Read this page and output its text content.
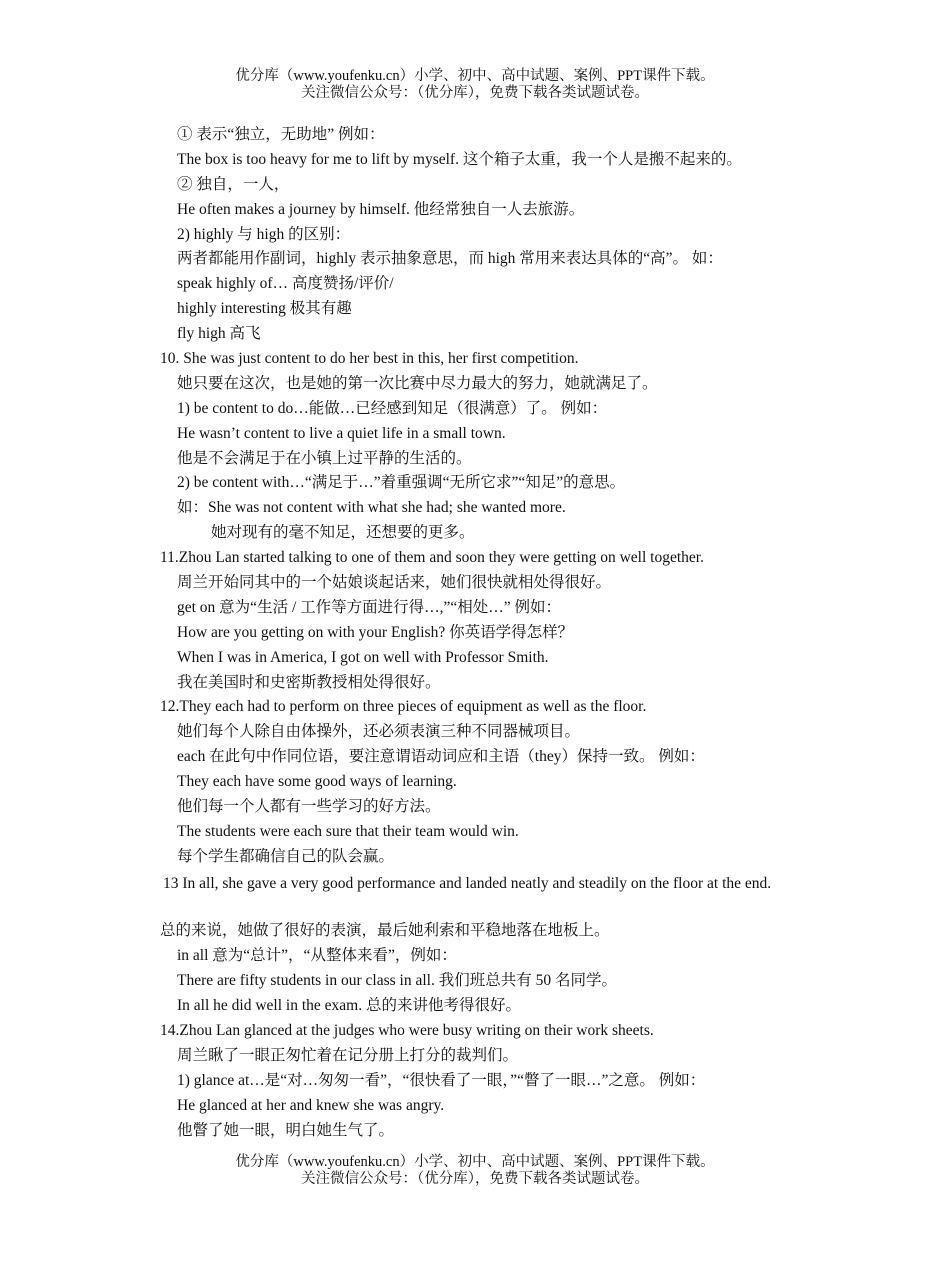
优分库（www.youfenku.cn）小学、初中、高中试题、案例、PPT课件下载。
关注微信公众号：（优分库），免费下载各类试题试卷。
① 表示“独立，无助地” 例如：
The box is too heavy for me to lift by myself. 这个箱子太重，我一个人是搬不起来的。
② 独自，一人，
He often makes a journey by himself. 他经常独自一人去旅游。
2) highly 与 high 的区别：
两者都能用作副词，highly 表示抽象意思，而 high 常用来表达具体的“高”。 如：
speak highly of… 高度赞扬/评价/
highly interesting 极其有趣
fly high 高飞
10. She was just content to do her best in this, her first competition.
她只要在这次，也是她的第一次比赛中尽力最大的努力，她就满足了。
1) be content to do…能做…已经感到知足（很满意）了。 例如：
He wasn’t content to live a quiet life in a small town.
他是不会满足于在小镇上过平静的生活的。
2) be content with…“满足于…”着重强调“无所它求”“知足”的意思。
如：She was not content with what she had; she wanted more.
她对现有的毫不知足，还想要的更多。
11.Zhou Lan started talking to one of them and soon they were getting on well together.
周兰开始同其中的一个姑娘谈起话来，她们很快就相处得很好。
get on 意为“生活 / 工作等方面进行得…,”“相处…” 例如：
How are you getting on with your English? 你英语学得怎样？
When I was in America, I got on well with Professor Smith.
我在美国时和史密斯教授相处得很好。
12.They each had to perform on three pieces of equipment as well as the floor.
她们每个人除自由体操外，还必须表演三种不同器械项目。
each 在此句中作同位语，要注意谓语动词应和主语（they）保持一致。 例如：
They each have some good ways of learning.
他们每一个人都有一些学习的好方法。
The students were each sure that their team would win.
每个学生都确信自己的队会赢。
13 In all, she gave a very good performance and landed neatly and steadily on the floor at the end.
总的来说，她做了很好的表演，最后她利索和平稳地落在地板上。
in all 意为“总计”，“从整体来看”，例如：
There are fifty students in our class in all. 我们班总共有 50 名同学。
In all he did well in the exam. 总的来讲他考得很好。
14.Zhou Lan glanced at the judges who were busy writing on their work sheets.
周兰瞅了一眼正匆忙着在记分册上打分的裁判们。
1) glance at…是“对…匆匆一看”，“很快看了一眼，”“瞥了一眼…”之意。 例如：
He glanced at her and knew she was angry.
他瞥了她一眼，明白她生气了。
优分库（www.youfenku.cn）小学、初中、高中试题、案例、PPT课件下载。
关注微信公众号：（优分库），免费下载各类试题试卷。
